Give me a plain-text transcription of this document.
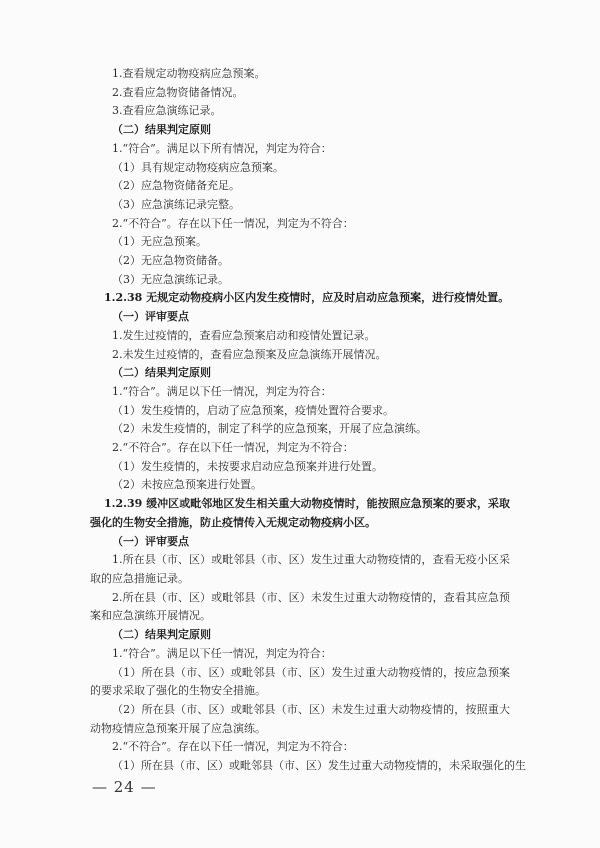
1.查看规定动物疫病应急预案。
2.查看应急物资储备情况。
3.查看应急演练记录。
（二）结果判定原则
1.“符合”。满足以下所有情况，判定为符合：
（1）具有规定动物疫病应急预案。
（2）应急物资储备充足。
（3）应急演练记录完整。
2.“不符合”。存在以下任一情况，判定为不符合：
（1）无应急预案。
（2）无应急物资储备。
（3）无应急演练记录。
1.2.38 无规定动物疫病小区内发生疫情时，应及时启动应急预案，进行疫情处置。
（一）评审要点
1.发生过疫情的，查看应急预案启动和疫情处置记录。
2.未发生过疫情的，查看应急预案及应急演练开展情况。
（二）结果判定原则
1.“符合”。满足以下任一情况，判定为符合：
（1）发生疫情的，启动了应急预案，疫情处置符合要求。
（2）未发生疫情的，制定了科学的应急预案，开展了应急演练。
2.“不符合”。存在以下任一情况，判定为不符合：
（1）发生疫情的，未按要求启动应急预案并进行处置。
（2）未按应急预案进行处置。
1.2.39 缓冲区或毗邻地区发生相关重大动物疫情时，能按照应急预案的要求，采取强化的生物安全措施，防止疫情传入无规定动物疫病小区。
（一）评审要点
1.所在县（市、区）或毗邻县（市、区）发生过重大动物疫情的，查看无疫小区采取的应急措施记录。
2.所在县（市、区）或毗邻县（市、区）未发生过重大动物疫情的，查看其应急预案和应急演练开展情况。
（二）结果判定原则
1.“符合”。满足以下任一情况，判定为符合：
（1）所在县（市、区）或毗邻县（市、区）发生过重大动物疫情的，按应急预案的要求采取了强化的生物安全措施。
（2）所在县（市、区）或毗邻县（市、区）未发生过重大动物疫情的，按照重大动物疫情应急预案开展了应急演练。
2.“不符合”。存在以下任一情况，判定为不符合：
（1）所在县（市、区）或毗邻县（市、区）发生过重大动物疫情的，未采取强化的生
— 24 —
